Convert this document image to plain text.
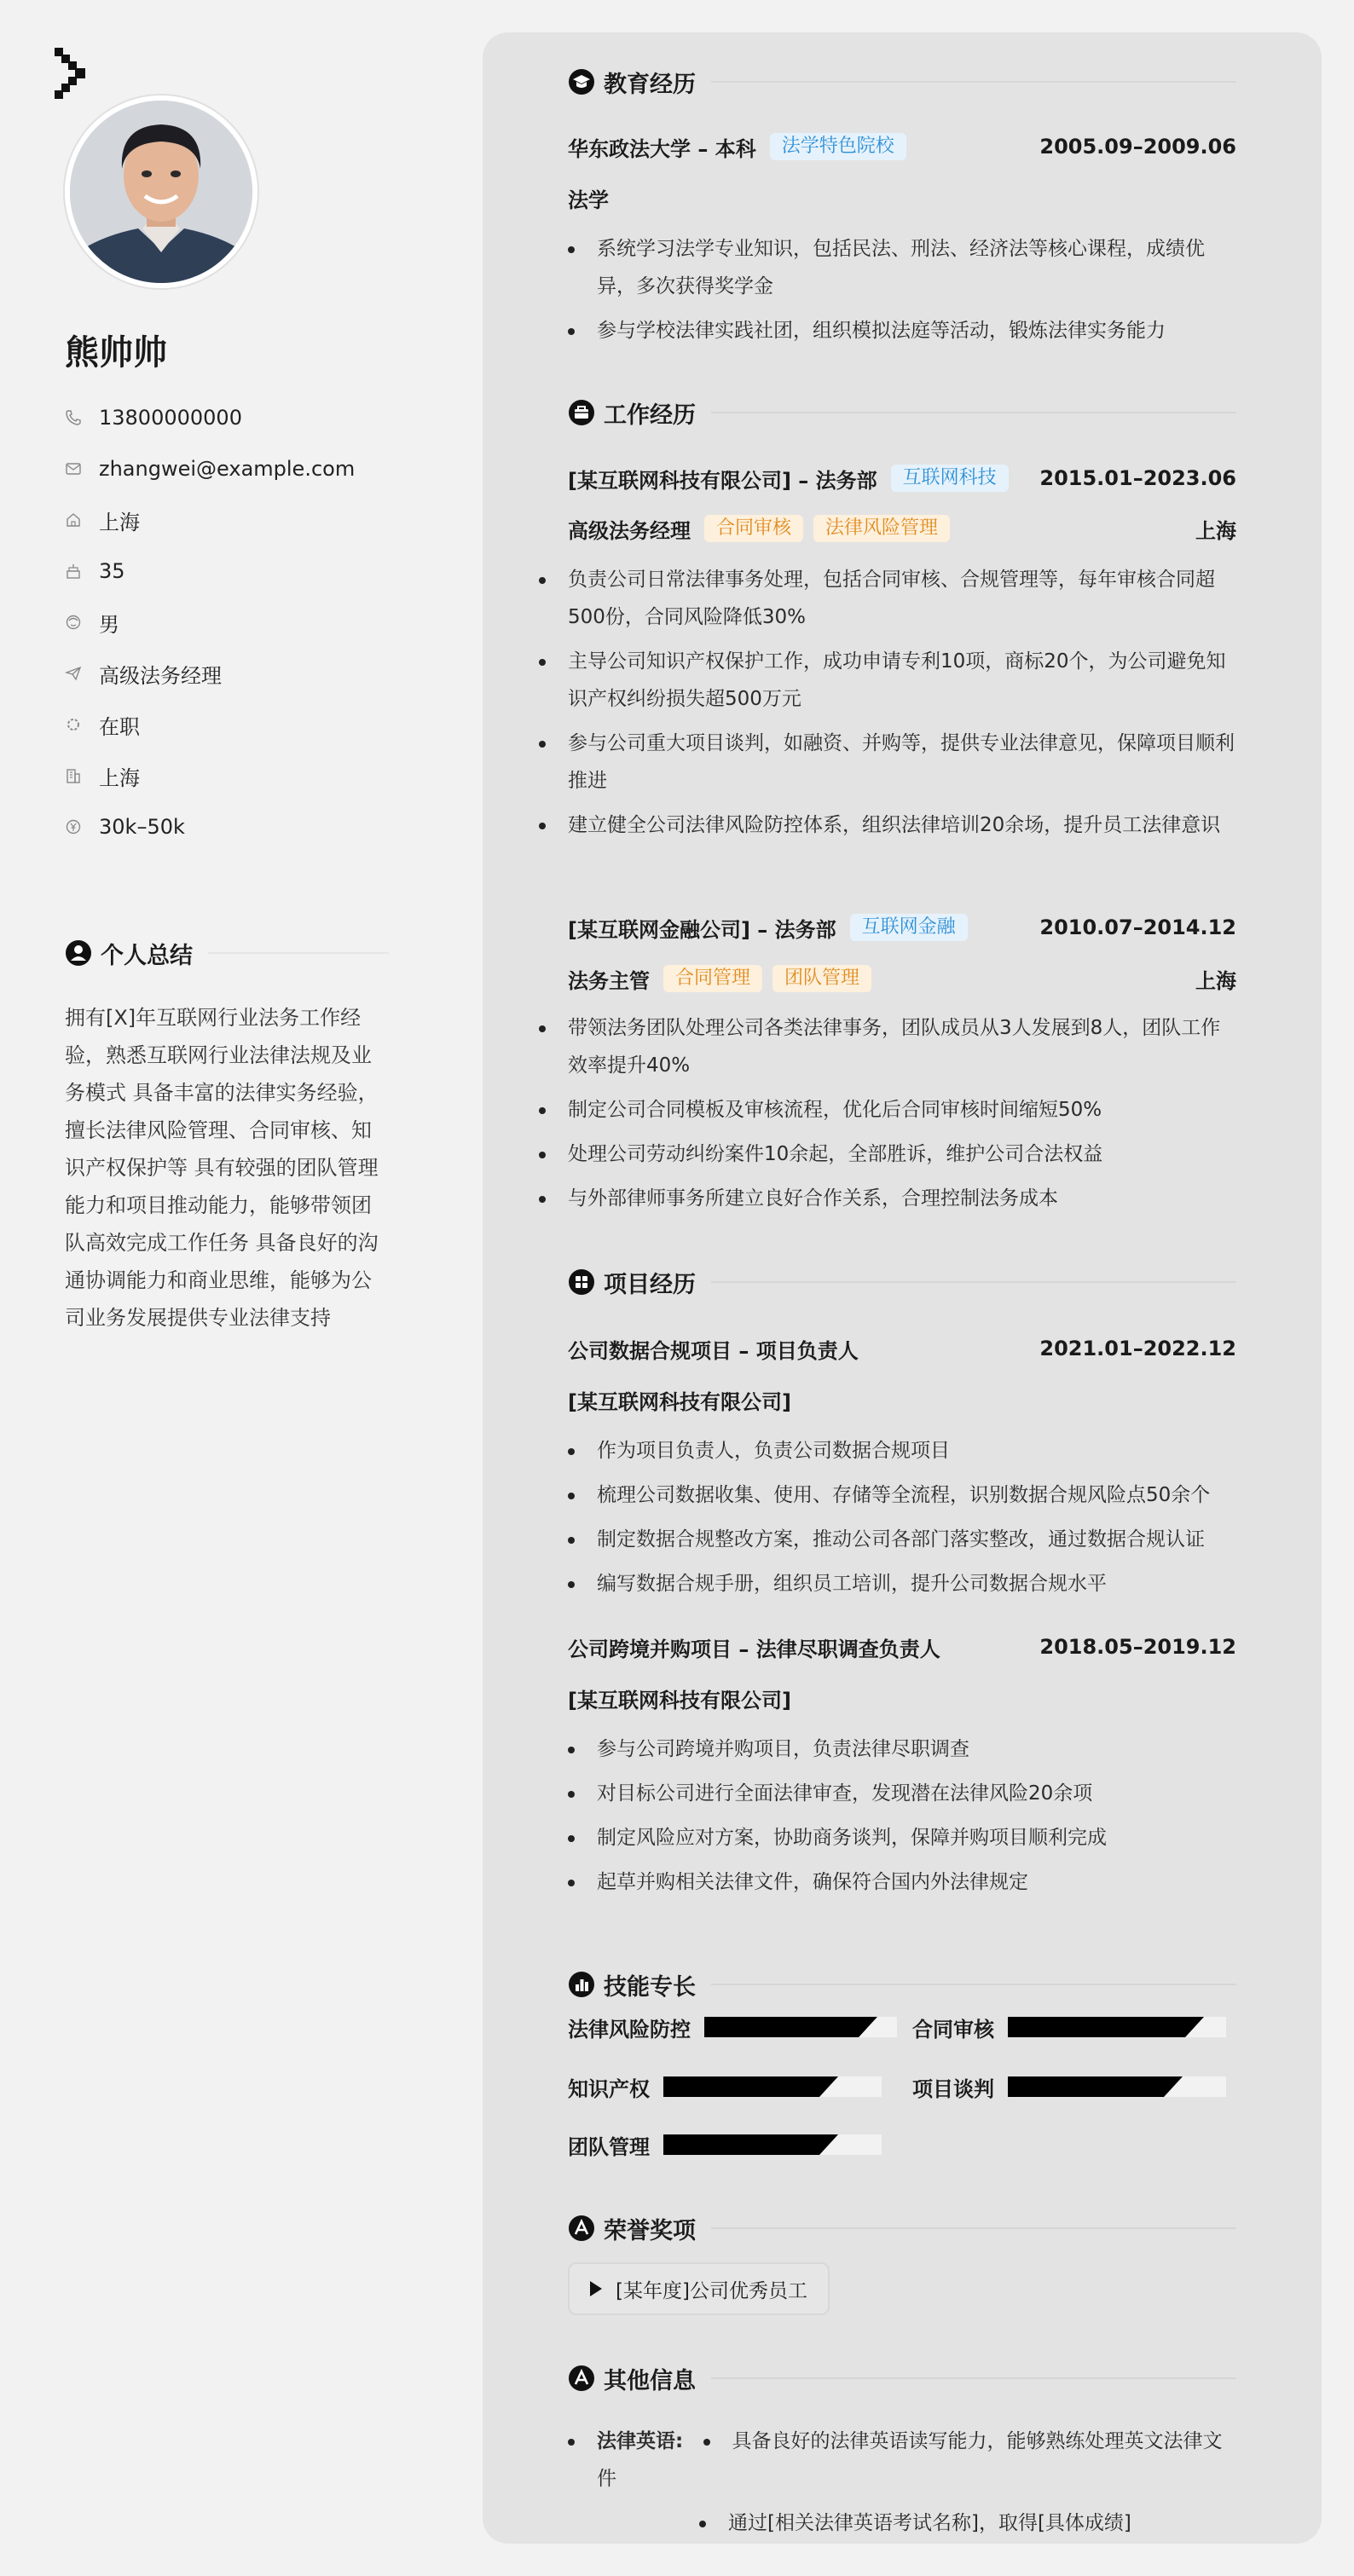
熊帅帅
13800000000
zhangwei@example.com
上海
35
男
高级法务经理
在职
上海
30k–50k
个人总结
拥有[X]年互联网行业法务工作经验，熟悉互联网行业法律法规及业务模式 具备丰富的法律实务经验，擅长法律风险管理、合同审核、知识产权保护等 具有较强的团队管理能力和项目推动能力，能够带领团队高效完成工作任务 具备良好的沟通协调能力和商业思维，能够为公司业务发展提供专业法律支持
教育经历
华东政法大学 – 本科	法学特色院校	2005.09–2009.06
法学
系统学习法学专业知识，包括民法、刑法、经济法等核心课程，成绩优异，多次获得奖学金
参与学校法律实践社团，组织模拟法庭等活动，锻炼法律实务能力
工作经历
[某互联网科技有限公司] – 法务部	互联网科技	2015.01–2023.06
高级法务经理	合同审核	法律风险管理	上海
负责公司日常法律事务处理，包括合同审核、合规管理等，每年审核合同超500份，合同风险降低30%
主导公司知识产权保护工作，成功申请专利10项，商标20个，为公司避免知识产权纠纷损失超500万元
参与公司重大项目谈判，如融资、并购等，提供专业法律意见，保障项目顺利推进
建立健全公司法律风险防控体系，组织法律培训20余场，提升员工法律意识
[某互联网金融公司] – 法务部	互联网金融	2010.07–2014.12
法务主管	合同管理	团队管理	上海
带领法务团队处理公司各类法律事务，团队成员从3人发展到8人，团队工作效率提升40%
制定公司合同模板及审核流程，优化后合同审核时间缩短50%
处理公司劳动纠纷案件10余起，全部胜诉，维护公司合法权益
与外部律师事务所建立良好合作关系，合理控制法务成本
项目经历
公司数据合规项目 – 项目负责人	2021.01–2022.12
[某互联网科技有限公司]
作为项目负责人，负责公司数据合规项目
梳理公司数据收集、使用、存储等全流程，识别数据合规风险点50余个
制定数据合规整改方案，推动公司各部门落实整改，通过数据合规认证
编写数据合规手册，组织员工培训，提升公司数据合规水平
公司跨境并购项目 – 法律尽职调查负责人	2018.05–2019.12
[某互联网科技有限公司]
参与公司跨境并购项目，负责法律尽职调查
对目标公司进行全面法律审查，发现潜在法律风险20余项
制定风险应对方案，协助商务谈判，保障并购项目顺利完成
起草并购相关法律文件，确保符合国内外法律规定
技能专长
法律风险防控	合同审核
知识产权	项目谈判
团队管理
荣誉奖项
[某年度]公司优秀员工
其他信息
法律英语: 具备良好的法律英语读写能力，能够熟练处理英文法律文件
通过[相关法律英语考试名称]，取得[具体成绩]
